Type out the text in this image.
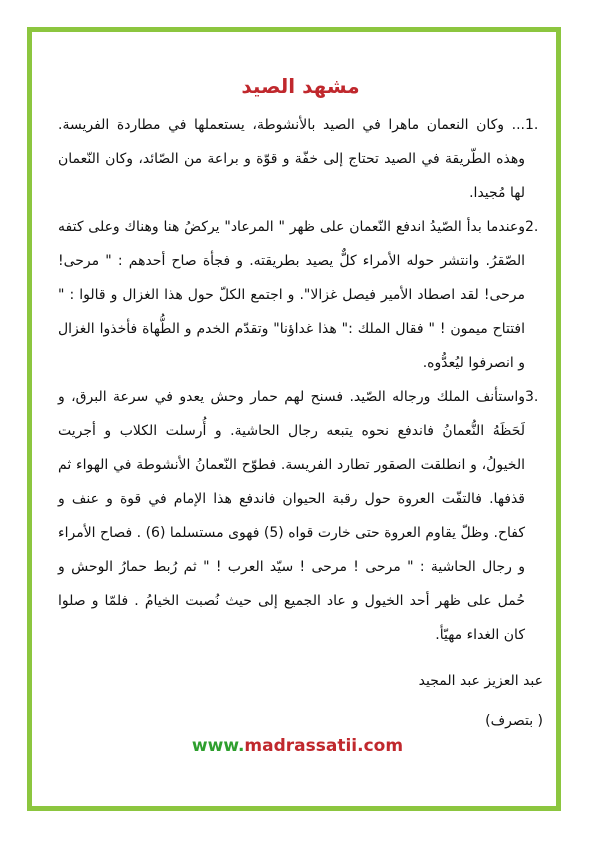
مشهد الصيد
1.
... وكان النعمان ماهرا في الصيد بالأنشوطة، يستعملها في مطاردة الفريسة. وهذه الطّريقة في الصيد تحتاج إلى خفّة و قوّة و براعة من الصّائد، وكان النّعمان لها مُجيدا.
2.
وعندما بدأ الصّيدُ اندفع النّعمان على ظهر " المرعاد" يركضُ هنا وهناك وعلى كتفه الصّقرُ. وانتشر حوله الأمراء كلٌّ يصيد بطريقته. و فجأة صاح أحدهم : " مرحى! مرحى! لقد اصطاد الأمير فيصل غزالا". و اجتمع الكلّ حول هذا الغزال و قالوا : " افتتاح ميمون ! " فقال الملك :" هذا غداؤنا" وتقدّم الخدم و الطُّهاة فأخذوا الغزال و انصرفوا ليُعدُّوه.
3.
واستأنف الملك ورجاله الصّيد. فسنح لهم حمار وحش يعدو في سرعة البرق، و لَحَظَهُ النُّعمانُ فاندفع نحوه يتبعه رجال الحاشية. و أُرسلت الكلاب و أجريت الخيولُ، و انطلقت الصقور تطارد الفريسة. فطوّح النّعمانُ الأنشوطة في الهواء ثم قذفها. فالتفّت العروة حول رقبة الحيوان فاندفع هذا الإمام في قوة و عنف و كفاح. وظلّ يقاوم العروة حتى خارت قواه (5) فهوى مستسلما (6) . فصاح الأمراء و رجال الحاشية : " مرحى ! مرحى ! سيّد العرب ! " ثم رُبط حمارُ الوحش و حُمل على ظهر أحد الخيول و عاد الجميع إلى حيث نُصبت الخيامُ . فلمّا و صلوا كان الغداء مهيّأ.
عبد العزيز عبد المجيد
( بتصرف)
www.madrassatii.com
